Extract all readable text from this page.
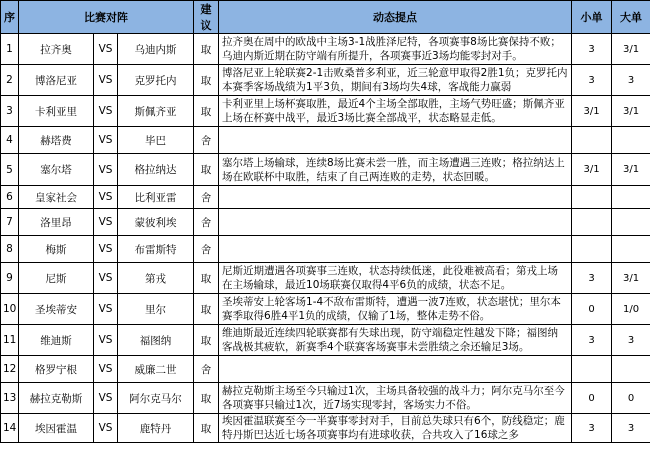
序	比赛对阵			建议	动态提点	小单	大单
1	拉齐奥	VS	乌迪内斯	取	拉齐奥在周中的欧战中主场3-1战胜泽尼特，各项赛事8场比赛保持不败；乌迪内斯近期在防守端有所提升，各项赛事近3场均能零封对手。	3	3/1
2	博洛尼亚	VS	克罗托内	取	博洛尼亚上轮联赛2-1击败桑普多利亚，近三轮意甲取得2胜1负；克罗托内本赛季客场战绩为1平3负，期间有3场均失4球，客战能力赢弱	3	3
3	卡利亚里	VS	斯佩齐亚	取	卡利亚里上场杯赛取胜，最近4个主场全部取胜，主场气势旺盛；斯佩齐亚上场在杯赛中战平，最近3场比赛全部战平，状态略显走低。	3/1	3/1
4	赫塔费	VS	毕巴	舍			
5	塞尔塔	VS	格拉纳达	取	塞尔塔上场输球，连续8场比赛未尝一胜，而主场遭遇三连败；格拉纳达上场在欧联杯中取胜，结束了自己两连败的走势，状态回暖。	3/1	3/1
6	皇家社会	VS	比利亚雷	舍			
7	洛里昂	VS	蒙彼利埃	舍			
8	梅斯	VS	布雷斯特	舍			
9	尼斯	VS	第戎	取	尼斯近期遭遇各项赛事三连败，状态持续低迷，此役难被高看；第戎上场在主场输球，最近10场联赛仅取得4平6负的成绩，状态不足。	3	3/1
10	圣埃蒂安	VS	里尔	取	圣埃蒂安上轮客场1-4不敌布雷斯特，遭遇一波7连败，状态堪忧；里尔本赛季取得6胜4平1负的成绩，仅输了1场，整体走势不俗。	0	1/0
11	维迪斯	VS	福图纳	取	维迪斯最近连续四轮联赛都有失球出现，防守端稳定性越发下降；福图纳客战极其疲软，新赛季4个联赛客场赛事未尝胜绩之余还输足3场。	3	3
12	格罗宁根	VS	威廉二世	舍			
13	赫拉克勒斯	VS	阿尔克马尔	取	赫拉克勒斯主场至今只输过1次，主场具备较强的战斗力；阿尔克马尔至今各项赛事只输过1次，近7场实现零封，客场实力不俗。	0	0
14	埃因霍温	VS	鹿特丹	取	埃因霍温联赛至今一半赛事零封对手，目前总失球只有6个，防线稳定；鹿特丹斯巴达近七场各项赛事均有进球收获，合共攻入了16球之多	3	3
